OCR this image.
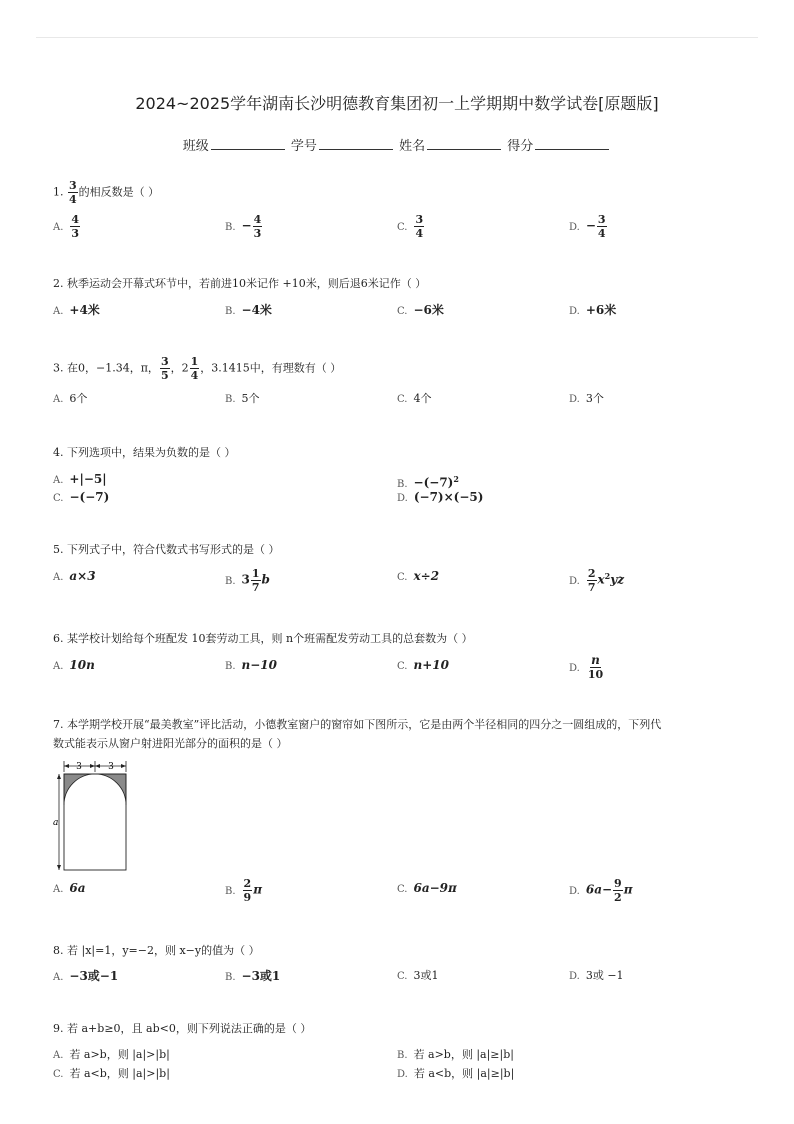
2024~2025学年湖南长沙明德教育集团初一上学期期中数学试卷[原题版]
班级	学号	姓名	得分
1. $\frac{3}{4}$ 的相反数是（ ）
A. $\frac{4}{3}$	B. − $\frac{4}{3}$	C. $\frac{3}{4}$	D. − $\frac{3}{4}$
2. 秋季运动会开幕式环节中，若前进10米记作 +10米，则后退6米记作（ ）
A. +4米	B. −4米	C. −6米	D. +6米
3. 在0，−1.34，π， $\frac{3}{5}$ ，$2 \frac{1}{4}$ ，3.1415中，有理数有（ ）
A. 6个	B. 5个	C. 4个	D. 3个
4. 下列选项中，结果为负数的是（ ）
A. +|−5|	B. $-(-7)^2$
C. −(−7)	D. (−7)×(−5)
5. 下列式子中，符合代数式书写形式的是（ ）
A. a×3	B. $3 \frac{1}{7}$ b	C. x÷2	D. $\frac{2}{7} x^2yz$
6. 某学校计划给每个班配发 10套劳动工具，则 n个班需配发劳动工具的总套数为（ ）
A. 10n	B. n−10	C. n+10	D. $\frac{n}{10}$
7. 本学期学校开展“最美教室”评比活动，小德教室窗户的窗帘如下图所示，它是由两个半径相同的四分之一圆组成的，下列代
数式能表示从窗户射进阳光部分的面积的是（ ）
3	3
a
A. 6a	B. $\frac{2}{9}$ π	C. 6a−9π	D. $6a- \frac{9}{2}$ π
8. 若 |x|=1，y=−2，则 x−y的值为（ ）
A. −3或−1	B. −3或1	C. 3或1	D. 3或 −1
9. 若 a+b≥0，且 ab<0，则下列说法正确的是（ ）
A. 若 a>b，则 |a|>|b|	B. 若 a>b，则 |a|≥|b|
C. 若 a<b，则 |a|>|b|	D. 若 a<b，则 |a|≥|b|
